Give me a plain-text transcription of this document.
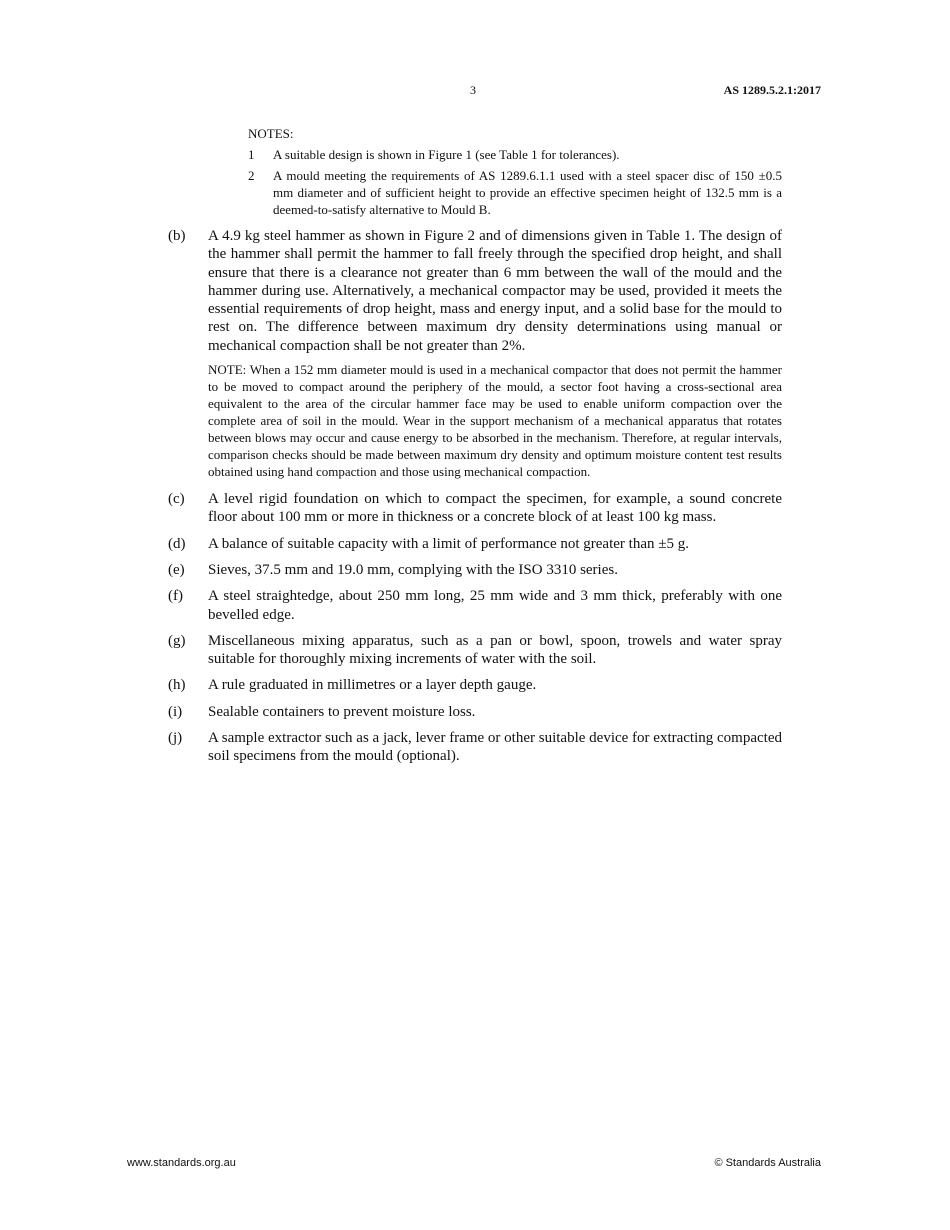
3	AS 1289.5.2.1:2017
NOTES:
1	A suitable design is shown in Figure 1 (see Table 1 for tolerances).
2	A mould meeting the requirements of AS 1289.6.1.1 used with a steel spacer disc of 150 ±0.5 mm diameter and of sufficient height to provide an effective specimen height of 132.5 mm is a deemed-to-satisfy alternative to Mould B.
(b)	A 4.9 kg steel hammer as shown in Figure 2 and of dimensions given in Table 1. The design of the hammer shall permit the hammer to fall freely through the specified drop height, and shall ensure that there is a clearance not greater than 6 mm between the wall of the mould and the hammer during use. Alternatively, a mechanical compactor may be used, provided it meets the essential requirements of drop height, mass and energy input, and a solid base for the mould to rest on. The difference between maximum dry density determinations using manual or mechanical compaction shall be not greater than 2%.
NOTE: When a 152 mm diameter mould is used in a mechanical compactor that does not permit the hammer to be moved to compact around the periphery of the mould, a sector foot having a cross-sectional area equivalent to the area of the circular hammer face may be used to enable uniform compaction over the complete area of soil in the mould. Wear in the support mechanism of a mechanical apparatus that rotates between blows may occur and cause energy to be absorbed in the mechanism. Therefore, at regular intervals, comparison checks should be made between maximum dry density and optimum moisture content test results obtained using hand compaction and those using mechanical compaction.
(c)	A level rigid foundation on which to compact the specimen, for example, a sound concrete floor about 100 mm or more in thickness or a concrete block of at least 100 kg mass.
(d)	A balance of suitable capacity with a limit of performance not greater than ±5 g.
(e)	Sieves, 37.5 mm and 19.0 mm, complying with the ISO 3310 series.
(f)	A steel straightedge, about 250 mm long, 25 mm wide and 3 mm thick, preferably with one bevelled edge.
(g)	Miscellaneous mixing apparatus, such as a pan or bowl, spoon, trowels and water spray suitable for thoroughly mixing increments of water with the soil.
(h)	A rule graduated in millimetres or a layer depth gauge.
(i)	Sealable containers to prevent moisture loss.
(j)	A sample extractor such as a jack, lever frame or other suitable device for extracting compacted soil specimens from the mould (optional).
www.standards.org.au	© Standards Australia
